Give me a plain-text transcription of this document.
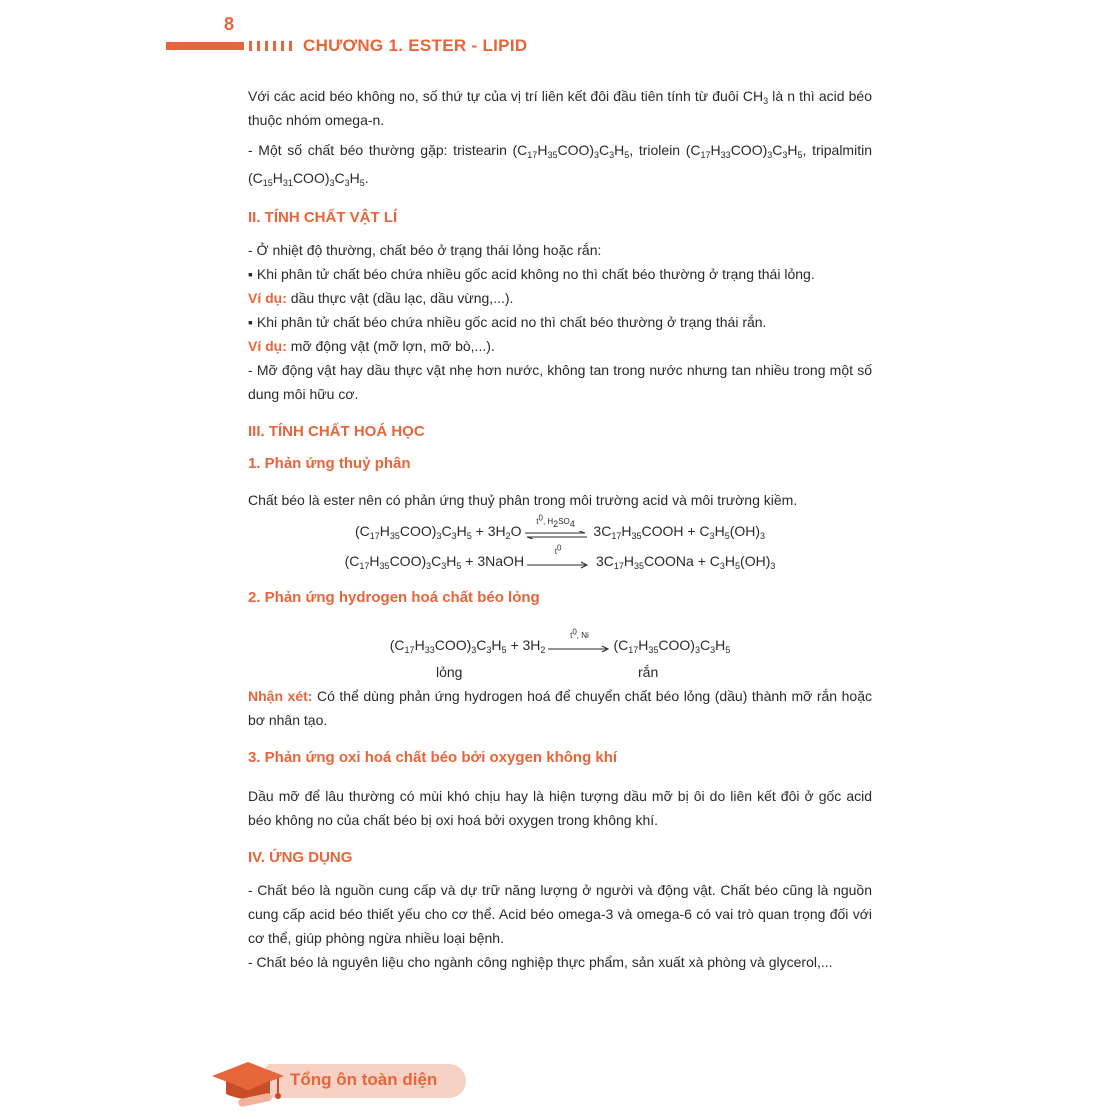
8
CHƯƠNG 1. ESTER - LIPID

Với các acid béo không no, số thứ tự của vị trí liên kết đôi đầu tiên tính từ đuôi $CH_3$ là n thì acid béo thuộc nhóm omega-n.

- Một số chất béo thường gặp: tristearin $(C_{17}H_{35}COO)_3C_3H_5$, triolein $(C_{17}H_{33}COO)_3C_3H_5$, tripalmitin $(C_{15}H_{31}COO)_3C_3H_5$.

II. TÍNH CHẤT VẬT LÍ

- Ở nhiệt độ thường, chất béo ở trạng thái lỏng hoặc rắn:

▪ Khi phân tử chất béo chứa nhiều gốc acid không no thì chất béo thường ở trạng thái lỏng.

Ví dụ: dầu thực vật (dầu lạc, dầu vừng,...).

▪ Khi phân tử chất béo chứa nhiều gốc acid no thì chất béo thường ở trạng thái rắn.

Ví dụ: mỡ động vật (mỡ lợn, mỡ bò,...).

- Mỡ động vật hay dầu thực vật nhẹ hơn nước, không tan trong nước nhưng tan nhiều trong một số dung môi hữu cơ.

III. TÍNH CHẤT HOÁ HỌC
1. Phản ứng thuỷ phân

Chất béo là ester nên có phản ứng thuỷ phân trong môi trường acid và môi trường kiềm.

$(C_{17}H_{35}COO)_3C_3H_5 + 3H_2O$
$t^0$, $H_2SO_4$	$3C_{17}H_{35}COOH + C_3H_5(OH)_3$
$(C_{17}H_{35}COO)_3C_3H_5$ + 3NaOH
$t^0$
$3C_{17}H_{35}COONa + C_3H_5(OH)_3$
2. Phản ứng hydrogen hoá chất béo lỏng
$(C_{17}H_{33}COO)_3C_3H_5 + 3H_2$
$t^0$, Ni
$(C_{17}H_{35}COO)_3C_3H_5$
lỏng	rắn

Nhận xét: Có thể dùng phản ứng hydrogen hoá để chuyển chất béo lỏng (dầu) thành mỡ rắn hoặc bơ nhân tạo.

3. Phản ứng oxi hoá chất béo bởi oxygen không khí

Dầu mỡ để lâu thường có mùi khó chịu hay là hiện tượng dầu mỡ bị ôi do liên kết đôi ở gốc acid béo không no của chất béo bị oxi hoá bởi oxygen trong không khí.

IV. ỨNG DỤNG

- Chất béo là nguồn cung cấp và dự trữ năng lượng ở người và động vật. Chất béo cũng là nguồn cung cấp acid béo thiết yếu cho cơ thể. Acid béo omega-3 và omega-6 có vai trò quan trọng đối với cơ thể, giúp phòng ngừa nhiều loại bệnh.

- Chất béo là nguyên liệu cho ngành công nghiệp thực phẩm, sản xuất xà phòng và glycerol,...

Tổng ôn toàn diện
